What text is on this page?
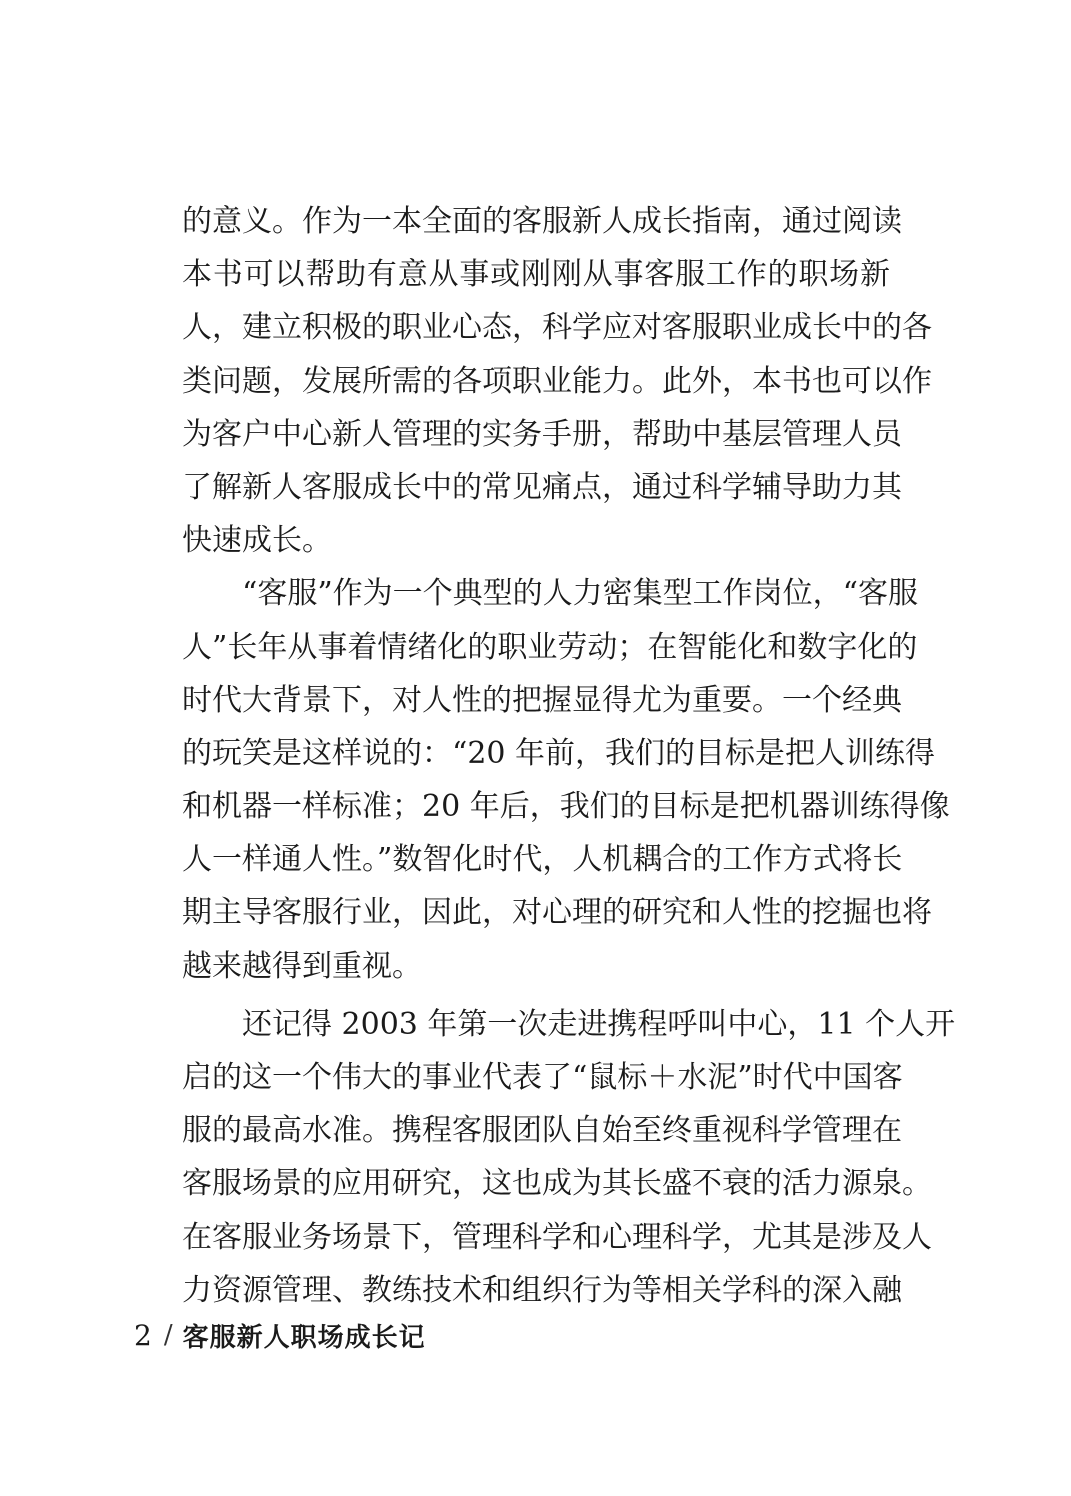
的意义。作为一本全面的客服新人成长指南，通过阅读
本书可以帮助有意从事或刚刚从事客服工作的职场新
人，建立积极的职业心态，科学应对客服职业成长中的各
类问题，发展所需的各项职业能力。此外，本书也可以作
为客户中心新人管理的实务手册，帮助中基层管理人员
了解新人客服成长中的常见痛点，通过科学辅导助力其
快速成长。
“客服”作为一个典型的人力密集型工作岗位，“客服
人”长年从事着情绪化的职业劳动；在智能化和数字化的
时代大背景下，对人性的把握显得尤为重要。一个经典
的玩笑是这样说的：“20 年前，我们的目标是把人训练得
和机器一样标准；20 年后，我们的目标是把机器训练得像
人一样通人性。”数智化时代，人机耦合的工作方式将长
期主导客服行业，因此，对心理的研究和人性的挖掘也将
越来越得到重视。
还记得 2003 年第一次走进携程呼叫中心，11 个人开
启的这一个伟大的事业代表了“鼠标＋水泥”时代中国客
服的最高水准。携程客服团队自始至终重视科学管理在
客服场景的应用研究，这也成为其长盛不衰的活力源泉。
在客服业务场景下，管理科学和心理科学，尤其是涉及人
力资源管理、教练技术和组织行为等相关学科的深入融
2 / 客服新人职场成长记
